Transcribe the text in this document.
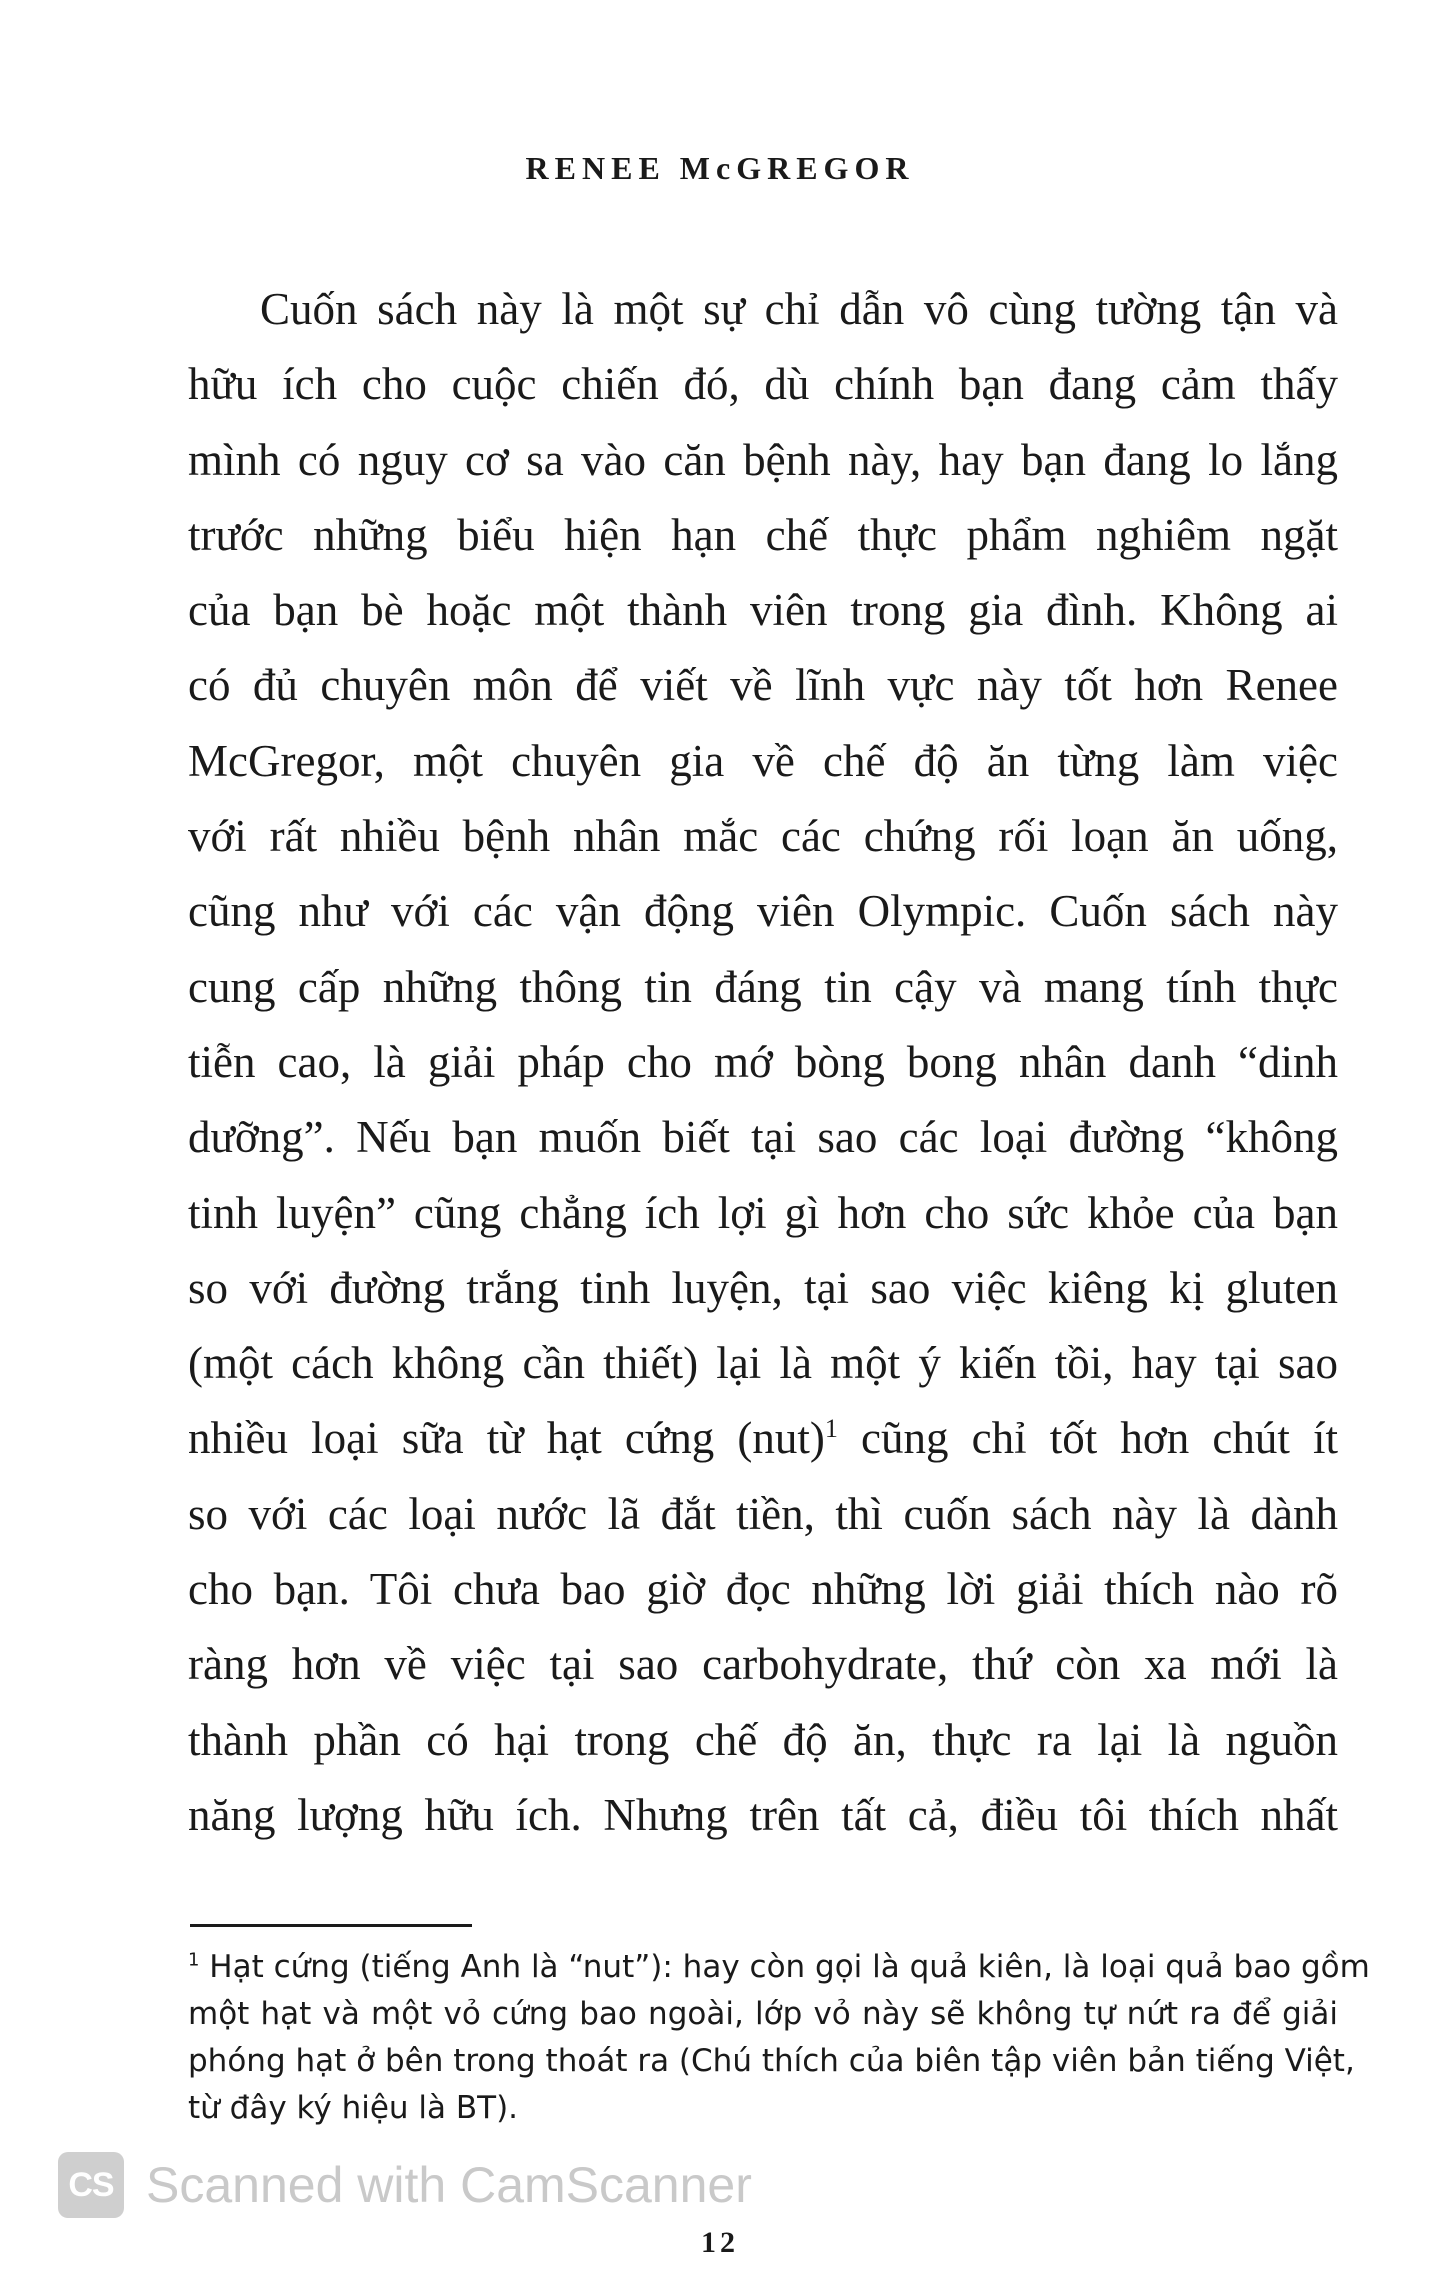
RENEE McGREGOR
Cuốn sách này là một sự chỉ dẫn vô cùng tường tận và
hữu ích cho cuộc chiến đó, dù chính bạn đang cảm thấy
mình có nguy cơ sa vào căn bệnh này, hay bạn đang lo lắng
trước những biểu hiện hạn chế thực phẩm nghiêm ngặt
của bạn bè hoặc một thành viên trong gia đình. Không ai
có đủ chuyên môn để viết về lĩnh vực này tốt hơn Renee
McGregor, một chuyên gia về chế độ ăn từng làm việc
với rất nhiều bệnh nhân mắc các chứng rối loạn ăn uống,
cũng như với các vận động viên Olympic. Cuốn sách này
cung cấp những thông tin đáng tin cậy và mang tính thực
tiễn cao, là giải pháp cho mớ bòng bong nhân danh “dinh
dưỡng”. Nếu bạn muốn biết tại sao các loại đường “không
tinh luyện” cũng chẳng ích lợi gì hơn cho sức khỏe của bạn
so với đường trắng tinh luyện, tại sao việc kiêng kị gluten
(một cách không cần thiết) lại là một ý kiến tồi, hay tại sao
nhiều loại sữa từ hạt cứng (nut)$^1$ cũng chỉ tốt hơn chút ít
so với các loại nước lã đắt tiền, thì cuốn sách này là dành
cho bạn. Tôi chưa bao giờ đọc những lời giải thích nào rõ
ràng hơn về việc tại sao carbohydrate, thứ còn xa mới là
thành phần có hại trong chế độ ăn, thực ra lại là nguồn
năng lượng hữu ích. Nhưng trên tất cả, điều tôi thích nhất
$^1$ Hạt cứng (tiếng Anh là “nut”): hay còn gọi là quả kiên, là loại quả bao gồm
một hạt và một vỏ cứng bao ngoài, lớp vỏ này sẽ không tự nứt ra để giải
phóng hạt ở bên trong thoát ra (Chú thích của biên tập viên bản tiếng Việt,
từ đây ký hiệu là BT).
CS Scanned with CamScanner
12
